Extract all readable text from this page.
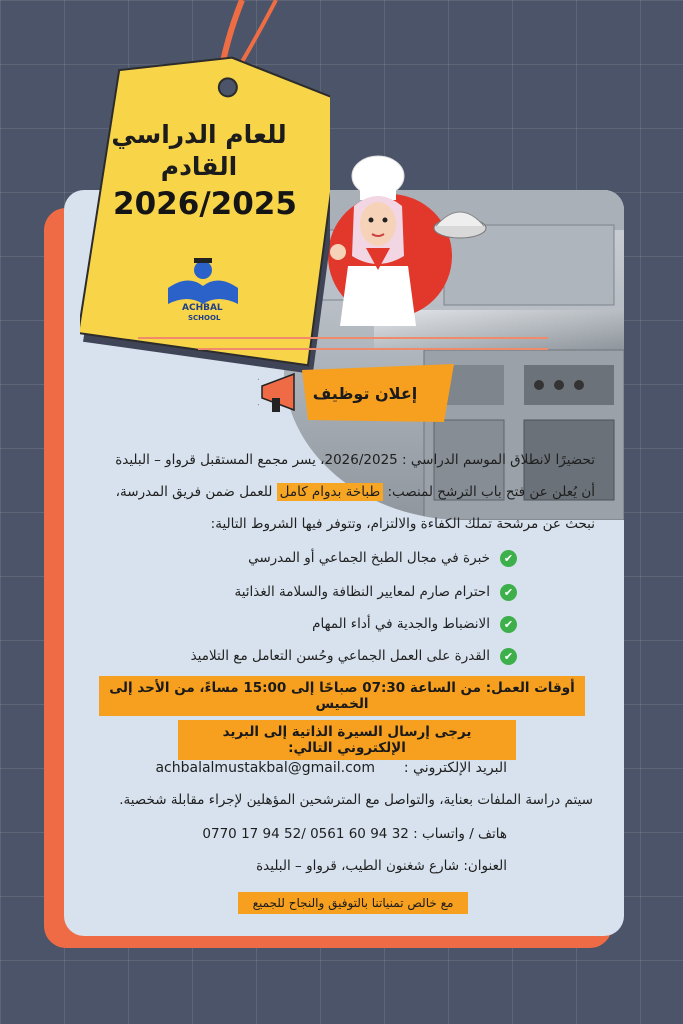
للعام الدراسي
القادم
2026/2025
ACHBAL
SCHOOL
إعلان توظيف
تحضيرًا لانطلاق الموسم الدراسي : 2026/2025، يسر مجمع المستقبل قرواو – البليدة
أن يُعلن عن فتح باب الترشح لمنصب: طباخة بدوام كامل للعمل ضمن فريق المدرسة،
نبحث عن مرشحة تملك الكفاءة والالتزام، وتتوفر فيها الشروط التالية:
✔
خبرة في مجال الطبخ الجماعي أو المدرسي
✔
احترام صارم لمعايير النظافة والسلامة الغذائية
✔
الانضباط والجدية في أداء المهام
✔
القدرة على العمل الجماعي وحُسن التعامل مع التلاميذ
أوقات العمل: من الساعة 07:30 صباحًا إلى 15:00 مساءً، من الأحد إلى الخميس
يرجى إرسال السيرة الذاتية إلى البريد الإلكتروني التالي:
البريد الإلكتروني :
achbalalmustakbal@gmail.com
سيتم دراسة الملفات بعناية، والتواصل مع المترشحين المؤهلين لإجراء مقابلة شخصية.
هاتف / واتساب : 32 94 60 0561 /52 94 17 0770
العنوان: شارع شغنون الطيب، قرواو – البليدة
مع خالص تمنياتنا بالتوفيق والنجاح للجميع
